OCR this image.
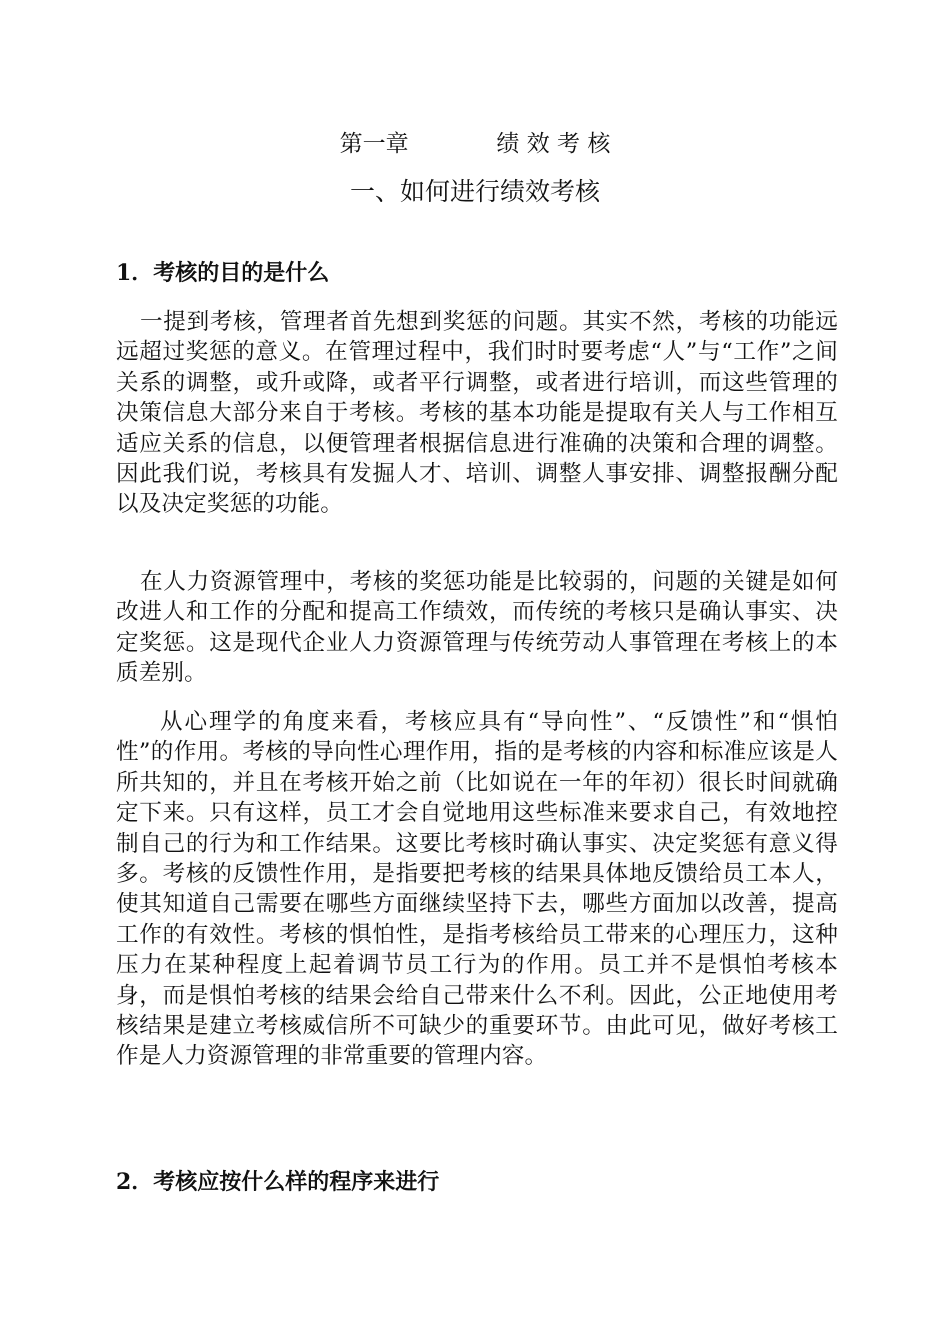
第一章            绩 效 考 核
一、如何进行绩效考核
1．考核的目的是什么

一提到考核，管理者首先想到奖惩的问题。其实不然，考核的功能远远超过奖惩的意义。在管理过程中，我们时时要考虑“人”与“工作”之间关系的调整，或升或降，或者平行调整，或者进行培训，而这些管理的决策信息大部分来自于考核。考核的基本功能是提取有关人与工作相互适应关系的信息，以便管理者根据信息进行准确的决策和合理的调整。因此我们说，考核具有发掘人才、培训、调整人事安排、调整报酬分配以及决定奖惩的功能。

在人力资源管理中，考核的奖惩功能是比较弱的，问题的关键是如何改进人和工作的分配和提高工作绩效，而传统的考核只是确认事实、决定奖惩。这是现代企业人力资源管理与传统劳动人事管理在考核上的本质差别。

从心理学的角度来看，考核应具有“导向性”、“反馈性”和“惧怕性”的作用。考核的导向性心理作用，指的是考核的内容和标准应该是人所共知的，并且在考核开始之前（比如说在一年的年初）很长时间就确定下来。只有这样，员工才会自觉地用这些标准来要求自己，有效地控制自己的行为和工作结果。这要比考核时确认事实、决定奖惩有意义得多。考核的反馈性作用，是指要把考核的结果具体地反馈给员工本人，使其知道自己需要在哪些方面继续坚持下去，哪些方面加以改善，提高工作的有效性。考核的惧怕性，是指考核给员工带来的心理压力，这种压力在某种程度上起着调节员工行为的作用。员工并不是惧怕考核本身，而是惧怕考核的结果会给自己带来什么不利。因此，公正地使用考核结果是建立考核威信所不可缺少的重要环节。由此可见，做好考核工作是人力资源管理的非常重要的管理内容。

2．考核应按什么样的程序来进行
